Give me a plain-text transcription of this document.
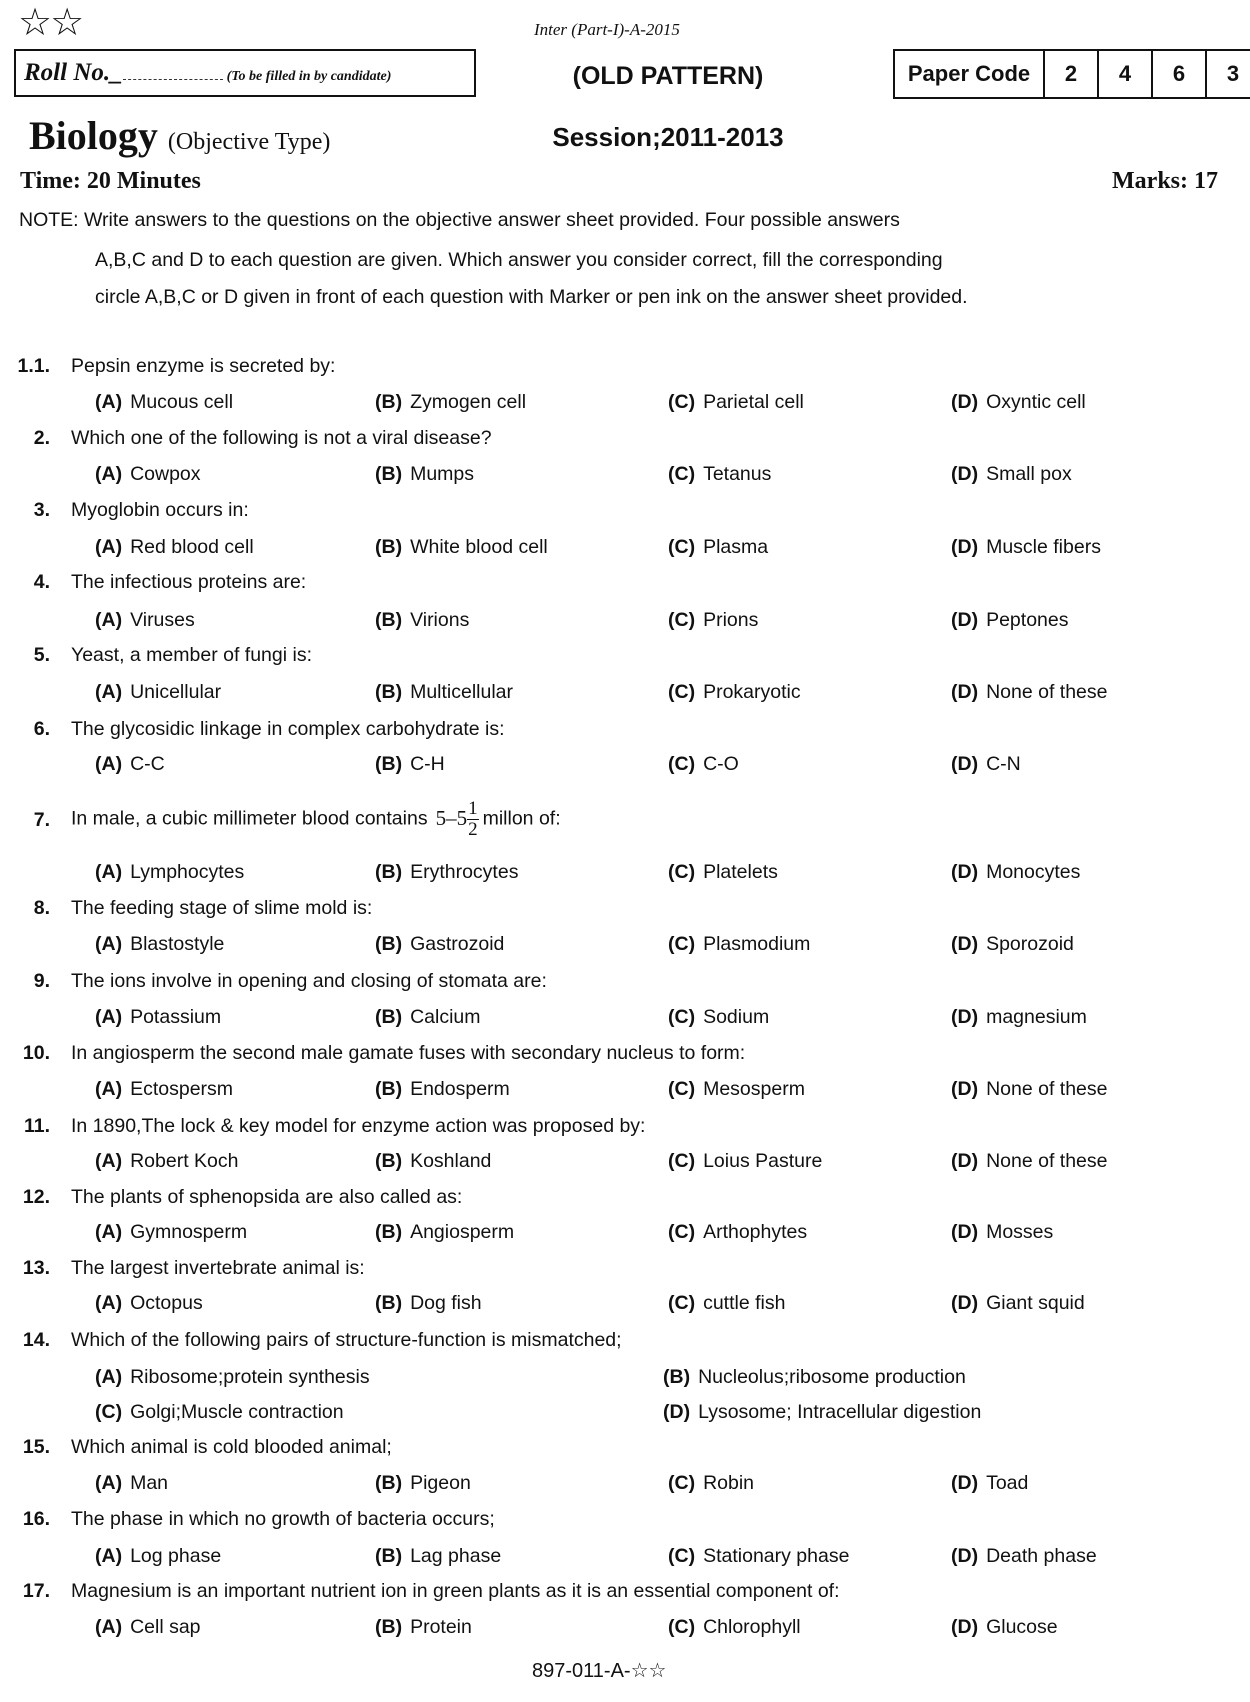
☆☆	Inter (Part-I)-A-2015
Roll No._	(To be filled in by candidate)	(OLD PATTERN)	Paper Code	2	4	6	3
Biology (Objective Type)	Session;2011-2013
Time: 20 Minutes	Marks: 17
NOTE: Write answers to the questions on the objective answer sheet provided. Four possible answers
A,B,C and D to each question are given. Which answer you consider correct, fill the corresponding
circle A,B,C or D given in front of each question with Marker or pen ink on the answer sheet provided.
1.1. Pepsin enzyme is secreted by:
(A) Mucous cell	(B) Zymogen cell	(C) Parietal cell	(D) Oxyntic cell
2. Which one of the following is not a viral disease?
(A) Cowpox	(B) Mumps	(C) Tetanus	(D) Small pox
3. Myoglobin occurs in:
(A) Red blood cell	(B) White blood cell	(C) Plasma	(D) Muscle fibers
4. The infectious proteins are:
(A) Viruses	(B) Virions	(C) Prions	(D) Peptones
5. Yeast, a member of fungi is:
(A) Unicellular	(B) Multicellular	(C) Prokaryotic	(D) None of these
6. The glycosidic linkage in complex carbohydrate is:
(A) C-C	(B) C-H	(C) C-O	(D) C-N
7. In male, a cubic millimeter blood contains $5-5 \frac{1}{2}$ millon of:
(A) Lymphocytes	(B) Erythrocytes	(C) Platelets	(D) Monocytes
8. The feeding stage of slime mold is:
(A) Blastostyle	(B) Gastrozoid	(C) Plasmodium	(D) Sporozoid
9. The ions involve in opening and closing of stomata are:
(A) Potassium	(B) Calcium	(C) Sodium	(D) magnesium
10. In angiosperm the second male gamate fuses with secondary nucleus to form:
(A) Ectospersm	(B) Endosperm	(C) Mesosperm	(D) None of these
11. In 1890,The lock & key model for enzyme action was proposed by:
(A) Robert Koch	(B) Koshland	(C) Loius Pasture	(D) None of these
12. The plants of sphenopsida are also called as:
(A) Gymnosperm	(B) Angiosperm	(C) Arthophytes	(D) Mosses
13. The largest invertebrate animal is:
(A) Octopus	(B) Dog fish	(C) cuttle fish	(D) Giant squid
14. Which of the following pairs of structure-function is mismatched;
(A) Ribosome;protein synthesis	(B) Nucleolus;ribosome production
(C) Golgi;Muscle contraction	(D) Lysosome; Intracellular digestion
15. Which animal is cold blooded animal;
(A) Man	(B) Pigeon	(C) Robin	(D) Toad
16. The phase in which no growth of bacteria occurs;
(A) Log phase	(B) Lag phase	(C) Stationary phase	(D) Death phase
17. Magnesium is an important nutrient ion in green plants as it is an essential component of:
(A) Cell sap	(B) Protein	(C) Chlorophyll	(D) Glucose
897-011-A-☆☆
